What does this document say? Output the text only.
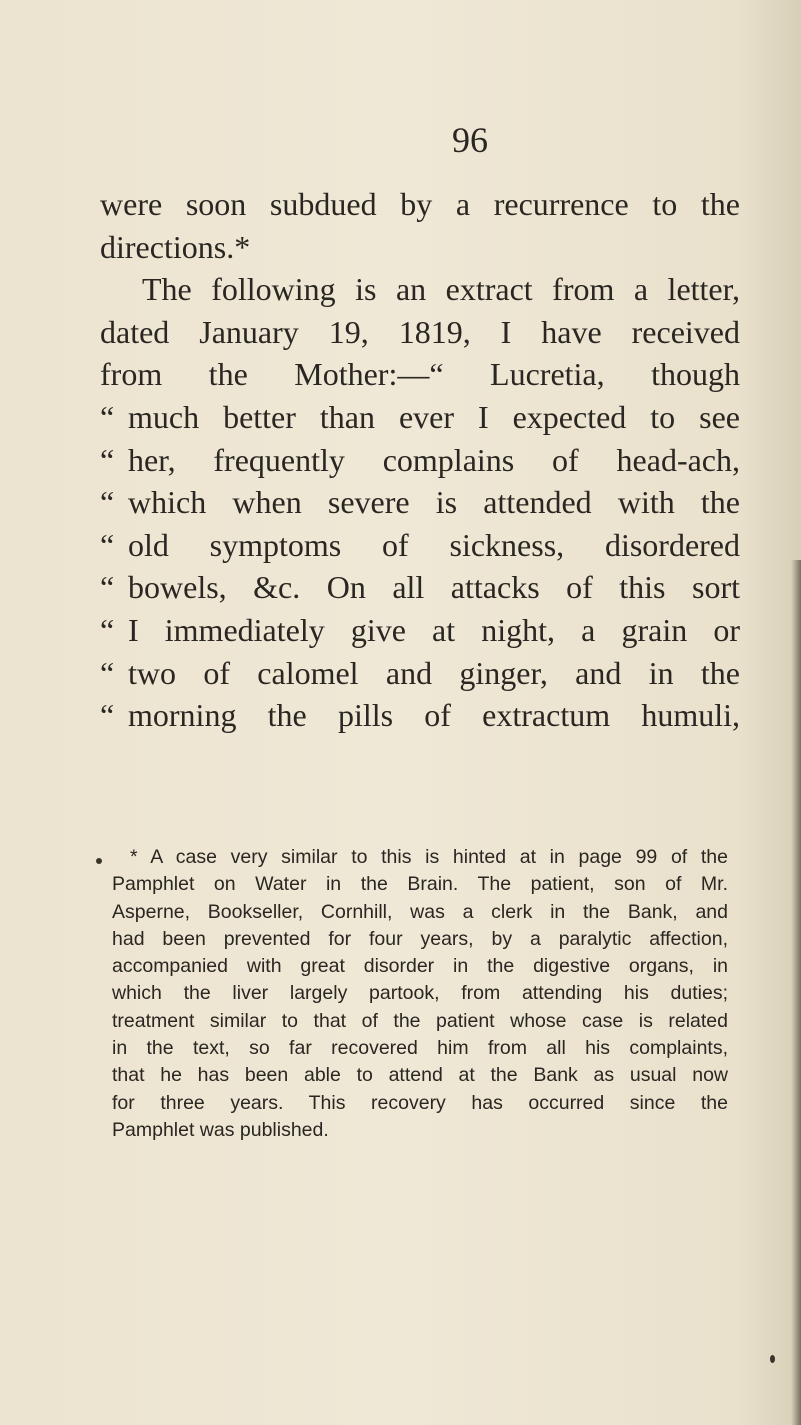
96
were soon subdued by a recurrence to the
directions.*
The following is an extract from a letter,
dated January 19, 1819, I have received
from the Mother:—“ Lucretia, though
“ much better than ever I expected to see
“ her, frequently complains of head-ach,
“ which when severe is attended with the
“ old symptoms of sickness, disordered
“ bowels, &c. On all attacks of this sort
“ I immediately give at night, a grain or
“ two of calomel and ginger, and in the
“ morning the pills of extractum humuli,
* A case very similar to this is hinted at in page 99 of the
Pamphlet on Water in the Brain. The patient, son of Mr.
Asperne, Bookseller, Cornhill, was a clerk in the Bank, and
had been prevented for four years, by a paralytic affection,
accompanied with great disorder in the digestive organs, in
which the liver largely partook, from attending his duties;
treatment similar to that of the patient whose case is related
in the text, so far recovered him from all his complaints,
that he has been able to attend at the Bank as usual now
for three years. This recovery has occurred since the
Pamphlet was published.
